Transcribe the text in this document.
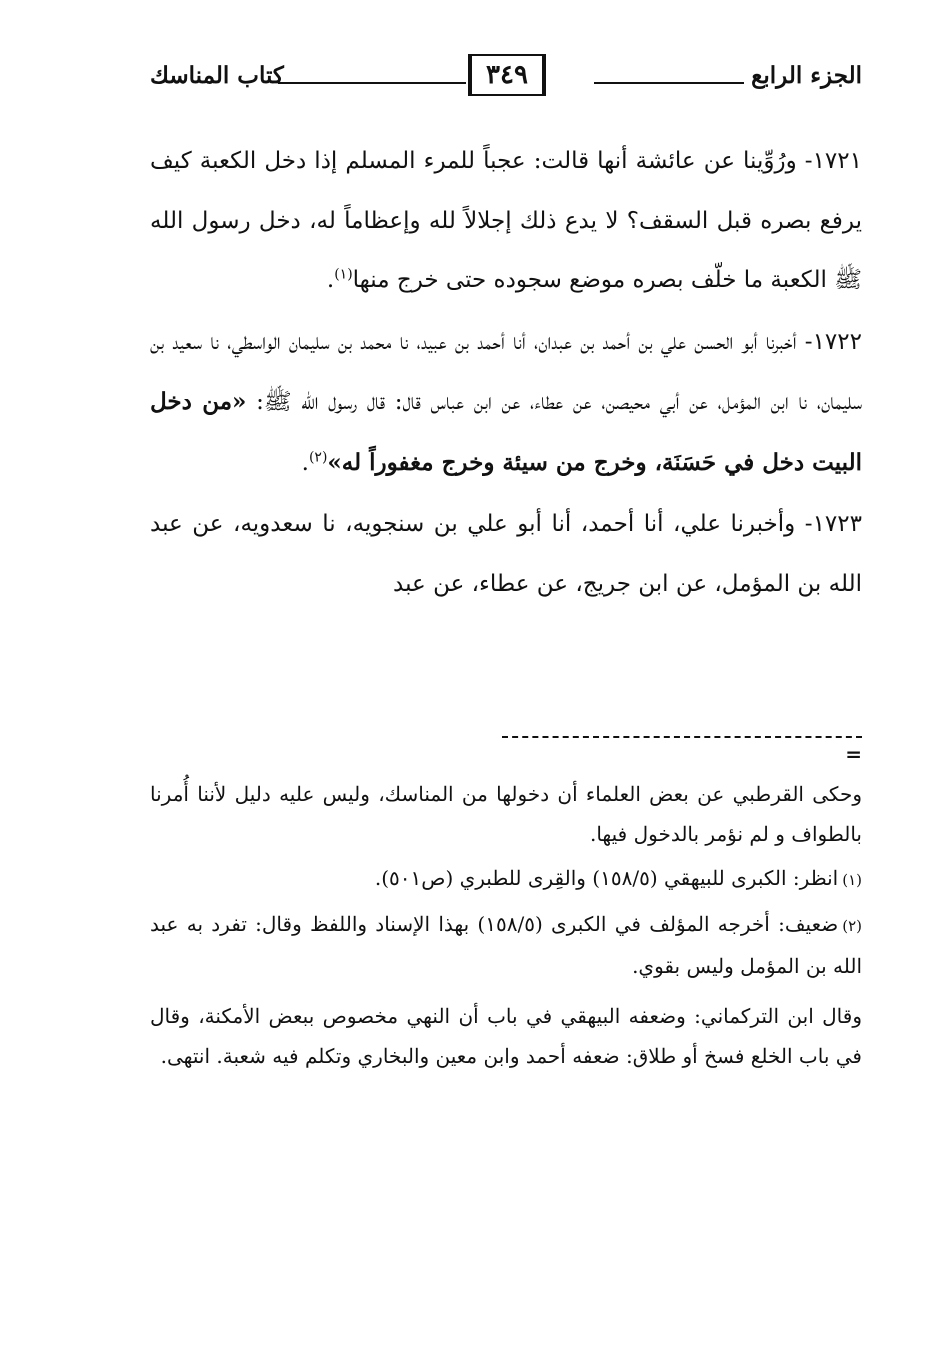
الجزء الرابع
٣٤٩
كتاب المناسك

١٧٢١- ورُوِّينا عن عائشة أنها قالت: عجباً للمرء المسلم إذا دخل الكعبة كيف يرفع بصره قبل السقف؟ لا يدع ذلك إجلالاً لله وإعظاماً له، دخل رسول الله ﷺ الكعبة ما خلّف بصره موضع سجوده حتى خرج منها$^{(١)}$.

١٧٢٢- أخبرنا أبو الحسن علي بن أحمد بن عبدان، أنا أحمد بن عبيد، نا محمد بن سليمان الواسطي، نا سعيد بن سليمان، نا ابن المؤمل، عن أبي محيصن، عن عطاء، عن ابن عباس قال: قال رسول الله ﷺ: «من دخل البيت دخل في حَسَنَة، وخرج من سيئة وخرج مغفوراً له»$^{(٢)}$.

١٧٢٣- وأخبرنا علي، أنا أحمد، أنا أبو علي بن سنجويه، نا سعدويه، عن عبد الله بن المؤمل، عن ابن جريج، عن عطاء، عن عبد

=

وحكى القرطبي عن بعض العلماء أن دخولها من المناسك، وليس عليه دليل لأننا أُمرنا بالطواف و لم نؤمر بالدخول فيها.

(١)انظر: الكبرى للبيهقي (١٥٨/٥) والقِرى للطبري (ص٥٠١).

(٢)ضعيف: أخرجه المؤلف في الكبرى (١٥٨/٥) بهذا الإسناد واللفظ وقال: تفرد به عبد الله بن المؤمل وليس بقوي.

وقال ابن التركماني: وضعفه البيهقي في باب أن النهي مخصوص ببعض الأمكنة، وقال في باب الخلع فسخ أو طلاق: ضعفه أحمد وابن معين والبخاري وتكلم فيه شعبة. انتهى.
